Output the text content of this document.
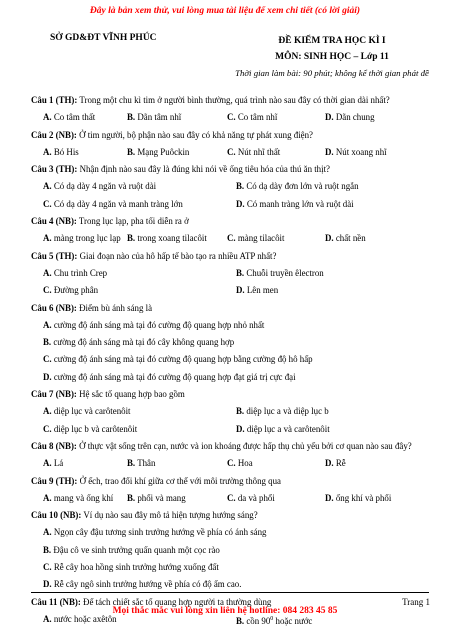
Đây là bản xem thử, vui lòng mua tài liệu để xem chi tiết (có lời giải)
SỞ GD&ĐT VĨNH PHÚC	ĐỀ KIỂM TRA HỌC KÌ I
MÔN: SINH HỌC – Lớp 11
Thời gian làm bài: 90 phút; không kể thời gian phát đề
Câu 1 (TH): Trong một chu kì tim ở người bình thường, quá trình nào sau đây có thời gian dài nhất?
A. Co tâm thất	B. Dãn tâm nhĩ	C. Co tâm nhĩ	D. Dãn chung
Câu 2 (NB): Ở tim người, bộ phận nào sau đây có khả năng tự phát xung điện?
A. Bó His	B. Mạng Puôckin	C. Nút nhĩ thất	D. Nút xoang nhĩ
Câu 3 (TH): Nhận định nào sau đây là đúng khi nói về ống tiêu hóa của thú ăn thịt?
A. Có dạ dày 4 ngăn và ruột dài	B. Có dạ dày đơn lớn và ruột ngắn
C. Có dạ dày 4 ngăn và manh tràng lớn	D. Có manh tràng lớn và ruột dài
Câu 4 (NB): Trong lục lạp, pha tối diễn ra ở
A. màng trong lục lạp B. trong xoang tilacôit	C. màng tilacôit	D. chất nền
Câu 5 (TH): Giai đoạn nào của hô hấp tế bào tạo ra nhiều ATP nhất?
A. Chu trình Crep	B. Chuỗi truyền êlectron
C. Đường phân	D. Lên men
Câu 6 (NB): Điểm bù ánh sáng là
A. cường độ ánh sáng mà tại đó cường độ quang hợp nhỏ nhất
B. cường độ ánh sáng mà tại đó cây không quang hợp
C. cường độ ánh sáng mà tại đó cường độ quang hợp bằng cường độ hô hấp
D. cường độ ánh sáng mà tại đó cường độ quang hợp đạt giá trị cực đại
Câu 7 (NB): Hệ sắc tố quang hợp bao gồm
A. diệp lục và carôtenôit	B. diệp lục a và diệp lục b
C. diệp lục b và carôtenôit	D. diệp lục a và carôtenôit
Câu 8 (NB): Ở thực vật sống trên cạn, nước và ion khoáng được hấp thụ chủ yếu bởi cơ quan nào sau đây?
A. Lá	B. Thân	C. Hoa	D. Rễ
Câu 9 (TH): Ở ếch, trao đổi khí giữa cơ thể với môi trường thông qua
A. mang và ống khí	B. phổi và mang	C. da và phổi	D. ống khí và phổi
Câu 10 (NB): Ví dụ nào sau đây mô tả hiện tượng hướng sáng?
A. Ngọn cây đậu tương sinh trưởng hướng về phía có ánh sáng
B. Đậu cô ve sinh trưởng quấn quanh một cọc rào
C. Rễ cây hoa hồng sinh trưởng hướng xuống đất
D. Rễ cây ngô sinh trưởng hướng về phía có độ ẩm cao.
Câu 11 (NB): Để tách chiết sắc tố quang hợp người ta thường dùng
A. nước hoặc axêtôn	B. cồn $90^0$ hoặc nước
Trang 1
Mọi thắc mắc vui lòng xin liên hệ hotline: 084 283 45 85
